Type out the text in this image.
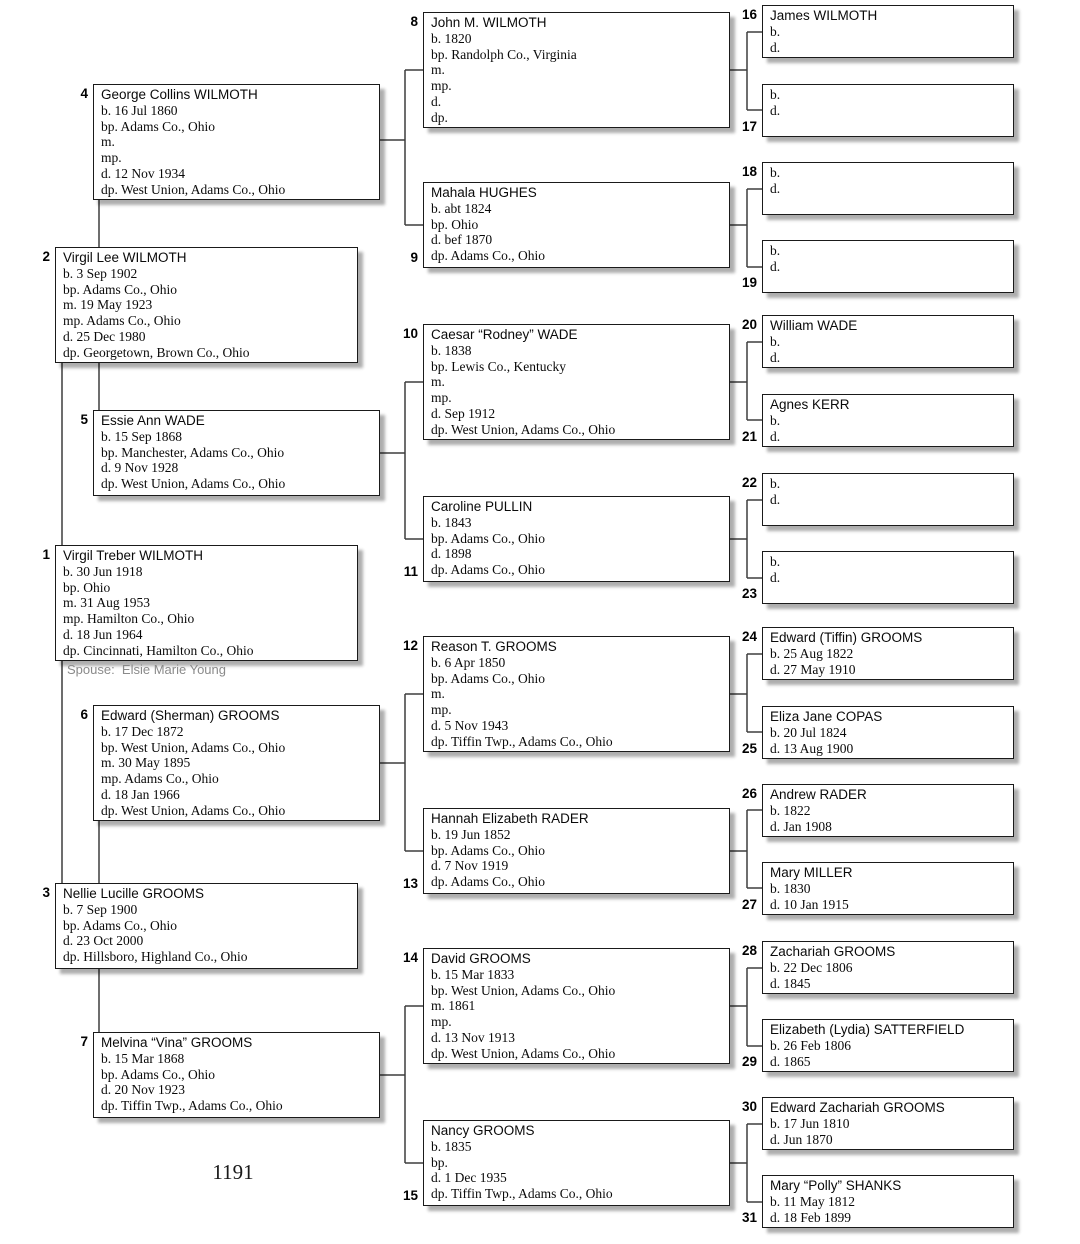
4 George Collins WILMOTH
b. 16 Jul 1860
bp. Adams Co., Ohio
m.
mp.
d. 12 Nov 1934
dp. West Union, Adams Co., Ohio
2 Virgil Lee WILMOTH
b. 3 Sep 1902
bp. Adams Co., Ohio
m. 19 May 1923
mp. Adams Co., Ohio
d. 25 Dec 1980
dp. Georgetown, Brown Co., Ohio
5 Essie Ann WADE
b. 15 Sep 1868
bp. Manchester, Adams Co., Ohio
d. 9 Nov 1928
dp. West Union, Adams Co., Ohio
1 Virgil Treber WILMOTH
b. 30 Jun 1918
bp. Ohio
m. 31 Aug 1953
mp. Hamilton Co., Ohio
d. 18 Jun 1964
dp. Cincinnati, Hamilton Co., Ohio
Spouse:  Elsie Marie Young
6 Edward (Sherman) GROOMS
b. 17 Dec 1872
bp. West Union, Adams Co., Ohio
m. 30 May 1895
mp. Adams Co., Ohio
d. 18 Jan 1966
dp. West Union, Adams Co., Ohio
3 Nellie Lucille GROOMS
b. 7 Sep 1900
bp. Adams Co., Ohio
d. 23 Oct 2000
dp. Hillsboro, Highland Co., Ohio
7 Melvina “Vina” GROOMS
b. 15 Mar 1868
bp. Adams Co., Ohio
d. 20 Nov 1923
dp. Tiffin Twp., Adams Co., Ohio
8 John M. WILMOTH
b. 1820
bp. Randolph Co., Virginia
m.
mp.
d.
dp.
9
Mahala HUGHES
b. abt 1824
bp. Ohio
d. bef 1870
dp. Adams Co., Ohio
10 Caesar “Rodney” WADE
b. 1838
bp. Lewis Co., Kentucky
m.
mp.
d. Sep 1912
dp. West Union, Adams Co., Ohio
11
Caroline PULLIN
b. 1843
bp. Adams Co., Ohio
d. 1898
dp. Adams Co., Ohio
12 Reason T. GROOMS
b. 6 Apr 1850
bp. Adams Co., Ohio
m.
mp.
d. 5 Nov 1943
dp. Tiffin Twp., Adams Co., Ohio
13
Hannah Elizabeth RADER
b. 19 Jun 1852
bp. Adams Co., Ohio
d. 7 Nov 1919
dp. Adams Co., Ohio
14 David GROOMS
b. 15 Mar 1833
bp. West Union, Adams Co., Ohio
m. 1861
mp.
d. 13 Nov 1913
dp. West Union, Adams Co., Ohio
15
Nancy GROOMS
b. 1835
bp.
d. 1 Dec 1935
dp. Tiffin Twp., Adams Co., Ohio
16 James WILMOTH
b.
d.
17
b.
d.
18 b.
d.
19
b.
d.
20 William WADE
b.
d.
21
Agnes KERR
b.
d.
22 b.
d.
23
b.
d.
24 Edward (Tiffin) GROOMS
b. 25 Aug 1822
d. 27 May 1910
25
Eliza Jane COPAS
b. 20 Jul 1824
d. 13 Aug 1900
26 Andrew RADER
b. 1822
d. Jan 1908
27
Mary MILLER
b. 1830
d. 10 Jan 1915
28 Zachariah GROOMS
b. 22 Dec 1806
d. 1845
29
Elizabeth (Lydia) SATTERFIELD
b. 26 Feb 1806
d. 1865
30 Edward Zachariah GROOMS
b. 17 Jun 1810
d. Jun 1870
31
Mary “Polly” SHANKS
b. 11 May 1812
d. 18 Feb 1899
1191
